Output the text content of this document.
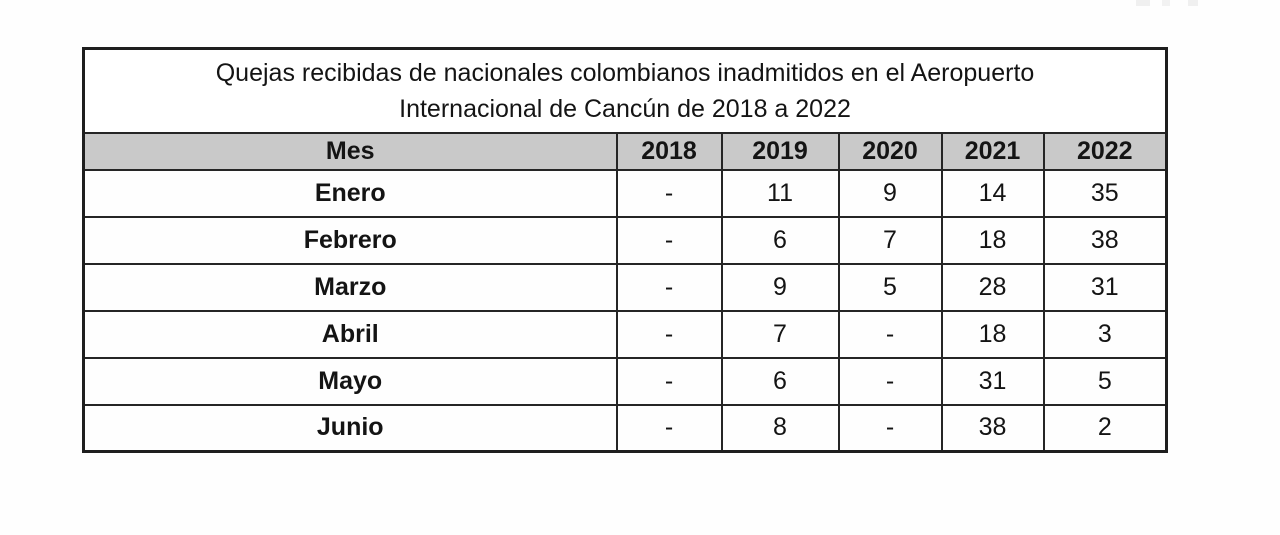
Quejas recibidas de nacionales colombianos inadmitidos en el Aeropuerto
Internacional de Cancún de 2018 a 2022					
Mes	2018	2019	2020	2021	2022
Enero	-	11	9	14	35
Febrero	-	6	7	18	38
Marzo	-	9	5	28	31
Abril	-	7	-	18	3
Mayo	-	6	-	31	5
Junio	-	8	-	38	2
